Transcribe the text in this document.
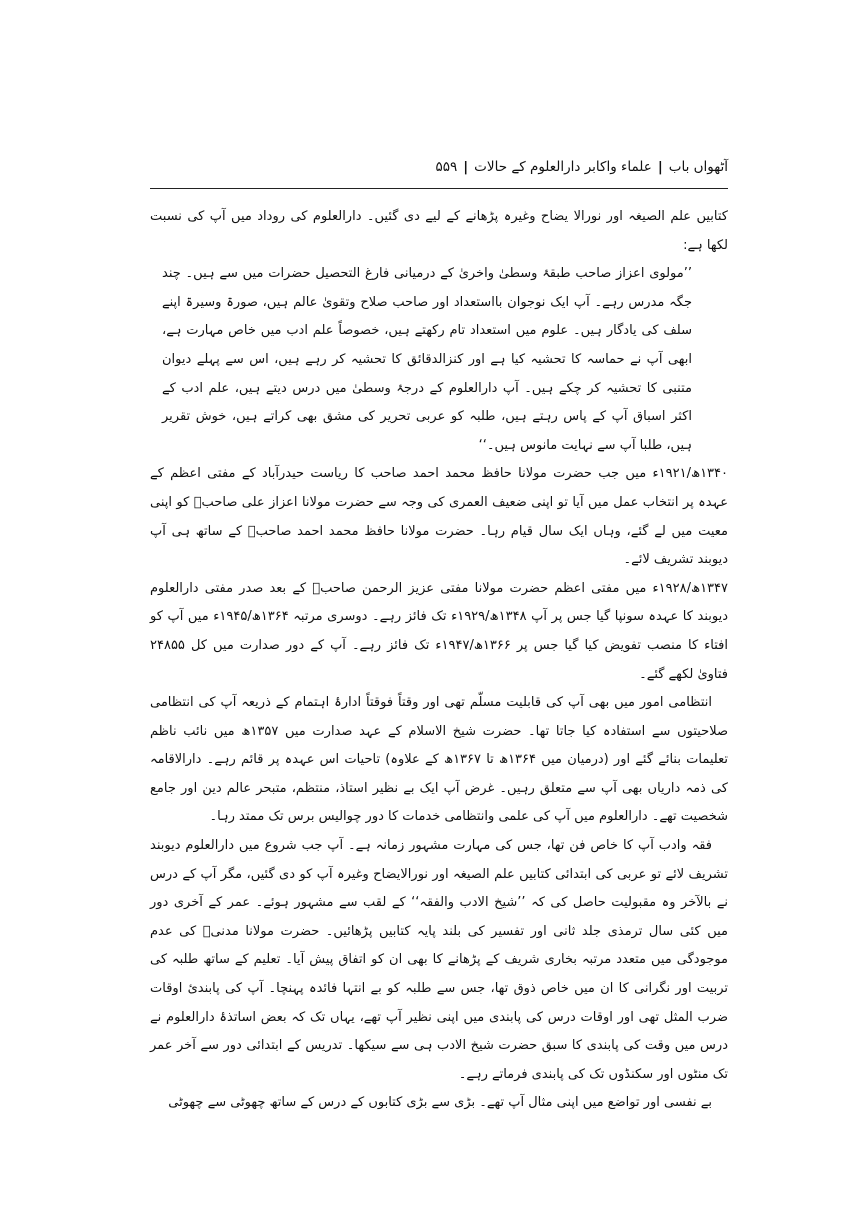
آٹھواں باب
|
علماء واکابر دارالعلوم کے حالات
|
۵۵۹

کتابیں علم الصیغہ اور نورالا یضاح وغیرہ پڑھانے کے لیے دی گئیں۔ دارالعلوم کی روداد میں آپ کی نسبت لکھا ہے:

’’مولوی اعزاز صاحب طبقۂ وسطیٰ واخریٰ کے درمیانی فارغ التحصیل حضرات میں سے ہیں۔ چند جگہ مدرس رہے۔ آپ ایک نوجوان بااستعداد اور صاحب صلاح وتقویٰ عالم ہیں، صورۃ وسیرۃ اپنے سلف کی یادگار ہیں۔ علوم میں استعداد تام رکھتے ہیں، خصوصاً علم ادب میں خاص مہارت ہے، ابھی آپ نے حماسہ کا تحشیہ کیا ہے اور کنزالدقائق کا تحشیہ کر رہے ہیں، اس سے پہلے دیوان متنبی کا تحشیہ کر چکے ہیں۔ آپ دارالعلوم کے درجۂ وسطیٰ میں درس دیتے ہیں، علم ادب کے اکثر اسباق آپ کے پاس رہتے ہیں، طلبہ کو عربی تحریر کی مشق بھی کراتے ہیں، خوش تقریر ہیں، طلبا آپ سے نہایت مانوس ہیں۔‘‘

۱۳۴۰ھ/۱۹۲۱ء میں جب حضرت مولانا حافظ محمد احمد صاحب کا ریاست حیدرآباد کے مفتی اعظم کے عہدہ پر انتخاب عمل میں آیا تو اپنی ضعیف العمری کی وجہ سے حضرت مولانا اعزاز علی صاحبؒ کو اپنی معیت میں لے گئے، وہاں ایک سال قیام رہا۔ حضرت مولانا حافظ محمد احمد صاحبؒ کے ساتھ ہی آپ دیوبند تشریف لائے۔

۱۳۴۷ھ/۱۹۲۸ء میں مفتی اعظم حضرت مولانا مفتی عزیز الرحمن صاحبؒ کے بعد صدر مفتی دارالعلوم دیوبند کا عہدہ سونپا گیا جس پر آپ ۱۳۴۸ھ/۱۹۲۹ء تک فائز رہے۔ دوسری مرتبہ ۱۳۶۴ھ/۱۹۴۵ء میں آپ کو افتاء کا منصب تفویض کیا گیا جس پر ۱۳۶۶ھ/۱۹۴۷ء تک فائز رہے۔ آپ کے دور صدارت میں کل ۲۴۸۵۵ فتاویٰ لکھے گئے۔

انتظامی امور میں بھی آپ کی قابلیت مسلّم تھی اور وقتاً فوقتاً ادارۂ اہتمام کے ذریعہ آپ کی انتظامی صلاحیتوں سے استفادہ کیا جاتا تھا۔ حضرت شیخ الاسلام کے عہد صدارت میں ۱۳۵۷ھ میں نائب ناظم تعلیمات بنائے گئے اور (درمیان میں ۱۳۶۴ھ تا ۱۳۶۷ھ کے علاوہ) تاحیات اس عہدہ پر قائم رہے۔ دارالاقامہ کی ذمہ داریاں بھی آپ سے متعلق رہیں۔ غرض آپ ایک بے نظیر استاذ، منتظم، متبحر عالم دین اور جامع شخصیت تھے۔ دارالعلوم میں آپ کی علمی وانتظامی خدمات کا دور چوالیس برس تک ممتد رہا۔

فقہ وادب آپ کا خاص فن تھا، جس کی مہارت مشہور زمانہ ہے۔ آپ جب شروع میں دارالعلوم دیوبند تشریف لائے تو عربی کی ابتدائی کتابیں علم الصیغہ اور نورالایضاح وغیرہ آپ کو دی گئیں، مگر آپ کے درس نے بالآخر وہ مقبولیت حاصل کی کہ ’’شیخ الادب والفقہ‘‘ کے لقب سے مشہور ہوئے۔ عمر کے آخری دور میں کئی سال ترمذی جلد ثانی اور تفسیر کی بلند پایہ کتابیں پڑھائیں۔ حضرت مولانا مدنیؒ کی عدم موجودگی میں متعدد مرتبہ بخاری شریف کے پڑھانے کا بھی ان کو اتفاق پیش آیا۔ تعلیم کے ساتھ طلبہ کی تربیت اور نگرانی کا ان میں خاص ذوق تھا، جس سے طلبہ کو بے انتہا فائدہ پہنچا۔ آپ کی پابندیٔ اوقات ضرب المثل تھی اور اوقات درس کی پابندی میں اپنی نظیر آپ تھے، یہاں تک کہ بعض اساتذۂ دارالعلوم نے درس میں وقت کی پابندی کا سبق حضرت شیخ الادب ہی سے سیکھا۔ تدریس کے ابتدائی دور سے آخر عمر تک منٹوں اور سکنڈوں تک کی پابندی فرماتے رہے۔

بے نفسی اور تواضع میں اپنی مثال آپ تھے۔ بڑی سے بڑی کتابوں کے درس کے ساتھ چھوٹی سے چھوٹی
